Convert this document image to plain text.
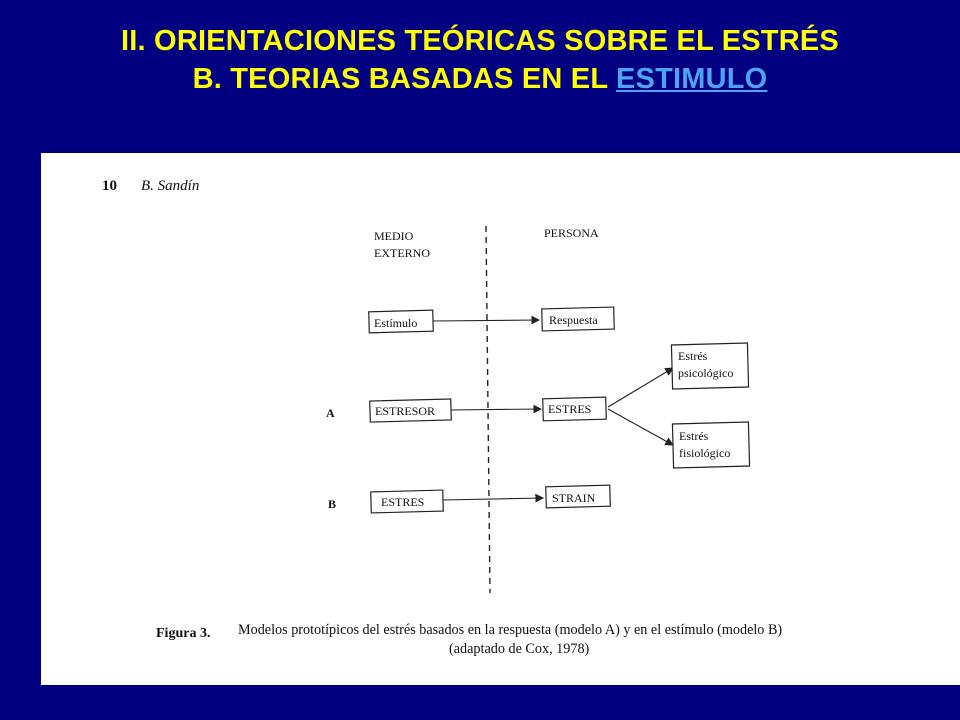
II. ORIENTACIONES TEÓRICAS SOBRE EL ESTRÉS
B. TEORIAS BASADAS EN EL ESTIMULO
10 B. Sandín
MEDIO
EXTERNO
PERSONA
Estímulo	Respuesta
A	ESTRESOR	ESTRES
Estrés
psicológico
Estrés
fisiológico
B	ESTRES	STRAIN
Figura 3. Modelos prototípicos del estrés basados en la respuesta (modelo A) y en el estímulo (modelo B)
(adaptado de Cox, 1978)
